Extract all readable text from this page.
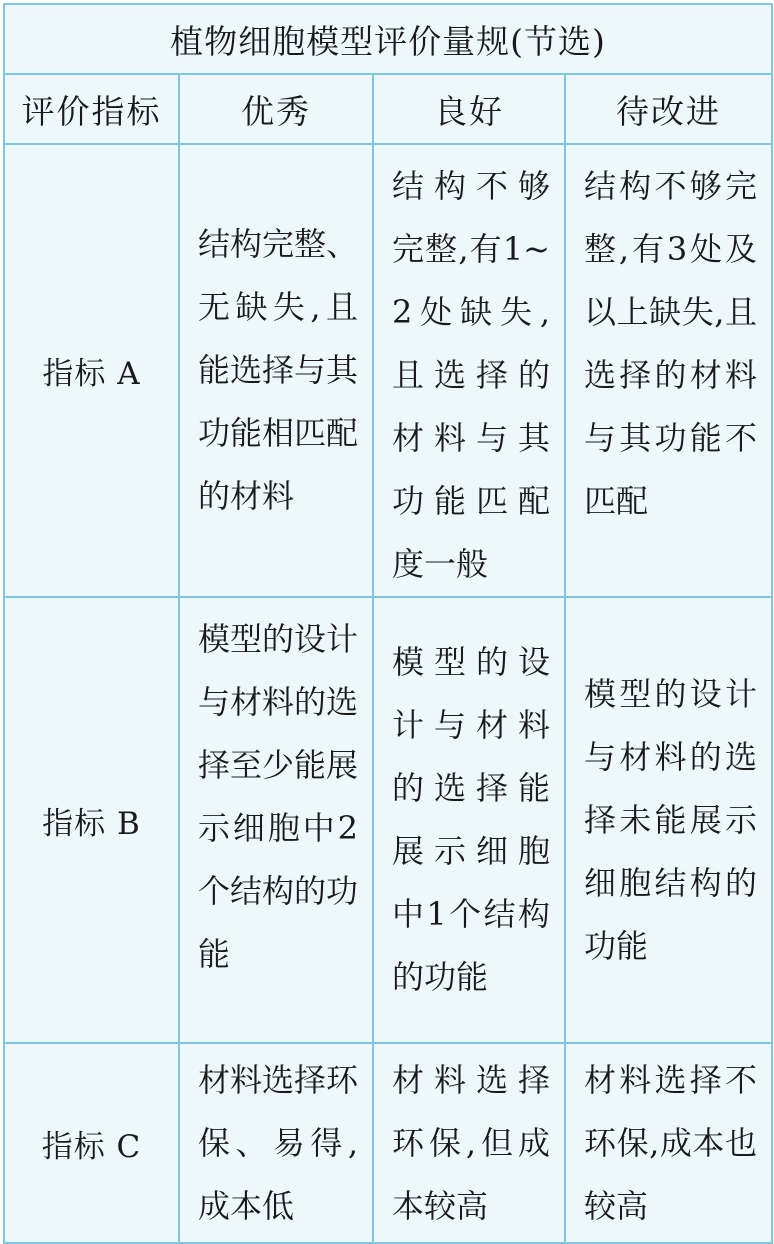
植物细胞模型评价量规(节选)			
评价指标	优秀	良好	待改进
指标 A	结构完整、无缺失,且能选择与其功能相匹配的材料	结构不够完整,有1~2处缺失,且选择的材料与其功能匹配度一般	结构不够完整,有3处及以上缺失,且选择的材料与其功能不匹配
指标 B	模型的设计与材料的选择至少能展示细胞中2个结构的功能	模型的设计与材料的选择能展示细胞中1个结构的功能	模型的设计与材料的选择未能展示细胞结构的功能
指标 C	材料选择环保、易得,成本低	材料选择环保,但成本较高	材料选择不环保,成本也较高
